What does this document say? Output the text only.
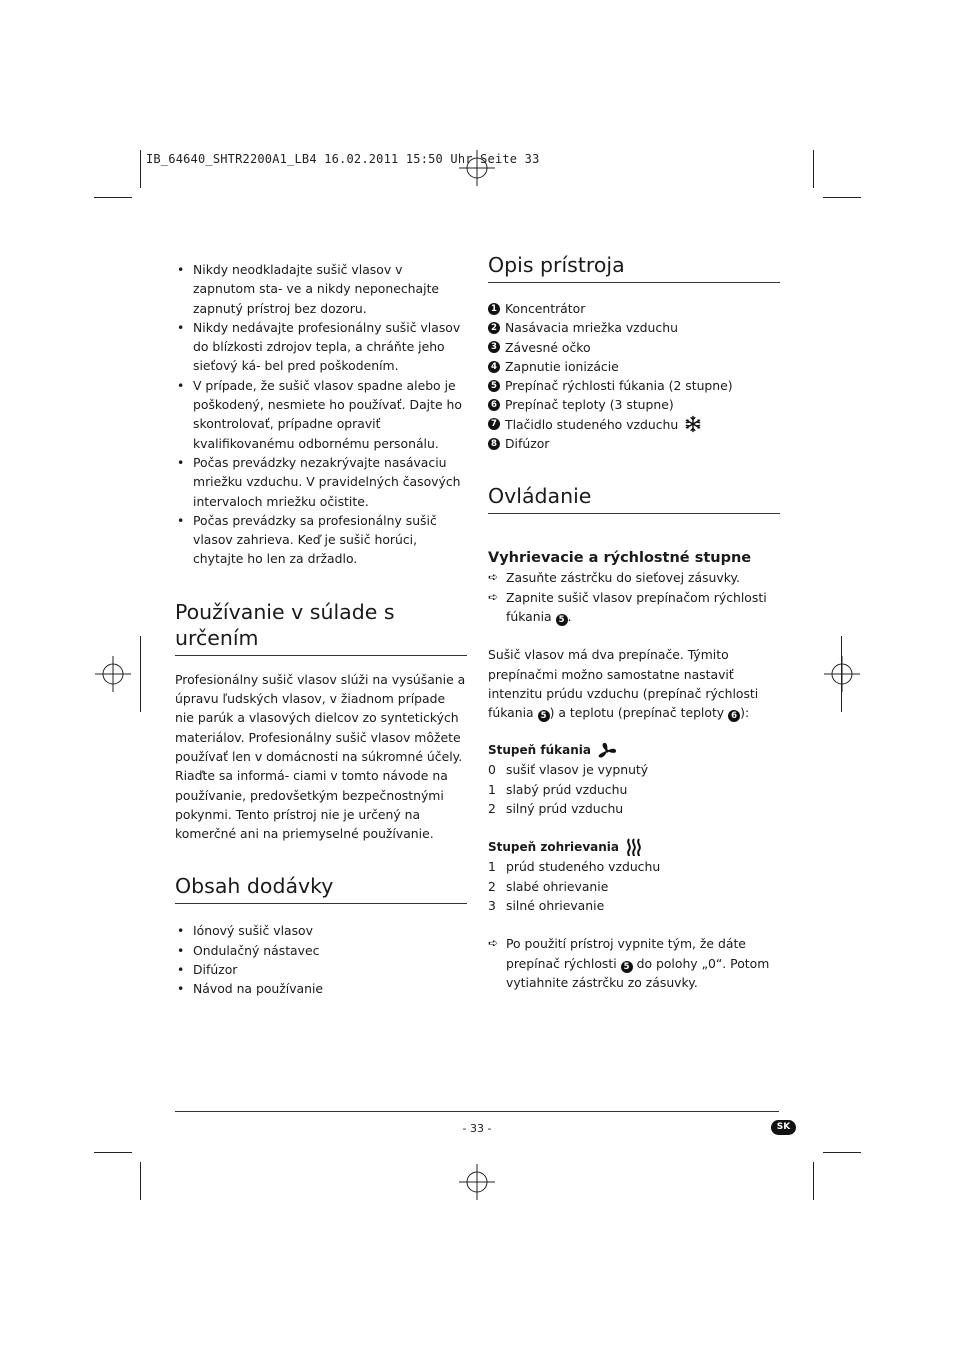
IB_64640_SHTR2200A1_LB4 16.02.2011 15:50 Uhr Seite 33
• Nikdy neodkladajte sušič vlasov v zapnutom sta- ve a nikdy neponechajte zapnutý prístroj bez dozoru.
• Nikdy nedávajte profesionálny sušič vlasov do blízkosti zdrojov tepla, a chráňte jeho sieťový ká- bel pred poškodením.
• V prípade, že sušič vlasov spadne alebo je poškodený, nesmiete ho používať. Dajte ho skontrolovať, prípadne opraviť kvalifikovanému odbornému personálu.
• Počas prevádzky nezakrývajte nasávaciu mriežku vzduchu. V pravidelných časových intervaloch mriežku očistite.
• Počas prevádzky sa profesionálny sušič vlasov zahrieva. Keď je sušič horúci, chytajte ho len za držadlo.
Používanie v súlade s určením

Profesionálny sušič vlasov slúži na vysúšanie a úpravu ľudských vlasov, v žiadnom prípade nie parúk a vlasových dielcov zo syntetických materiálov. Profesionálny sušič vlasov môžete používať len v domácnosti na súkromné účely. Riaďte sa informá- ciami v tomto návode na používanie, predovšetkým bezpečnostnými pokynmi. Tento prístroj nie je určený na komerčné ani na priemyselné používanie.

Obsah dodávky
• Iónový sušič vlasov
• Ondulačný nástavec
• Difúzor
• Návod na používanie
Opis prístroja
1 Koncentrátor
2 Nasávacia mriežka vzduchu
3 Závesné očko
4 Zapnutie ionizácie
5 Prepínač rýchlosti fúkania (2 stupne)
6 Prepínač teploty (3 stupne)
7 Tlačidlo studeného vzduchu
8 Difúzor
Ovládanie
Vyhrievacie a rýchlostné stupne
➪ Zasuňte zástrčku do sieťovej zásuvky.
➪ Zapnite sušič vlasov prepínačom rýchlosti fúkania 5 .

Sušič vlasov má dva prepínače. Týmito prepínačmi možno samostatne nastaviť intenzitu prúdu vzduchu (prepínač rýchlosti fúkania 5 ) a teplotu (prepínač teploty 6 ):

Stupeň fúkania
0 sušiť vlasov je vypnutý
1 slabý prúd vzduchu
2 silný prúd vzduchu
Stupeň zohrievania
1 prúd studeného vzduchu
2 slabé ohrievanie
3 silné ohrievanie
➪ Po použití prístroj vypnite tým, že dáte prepínač rýchlosti 5 do polohy „0“. Potom vytiahnite zástrčku zo zásuvky.
- 33 -	SK
